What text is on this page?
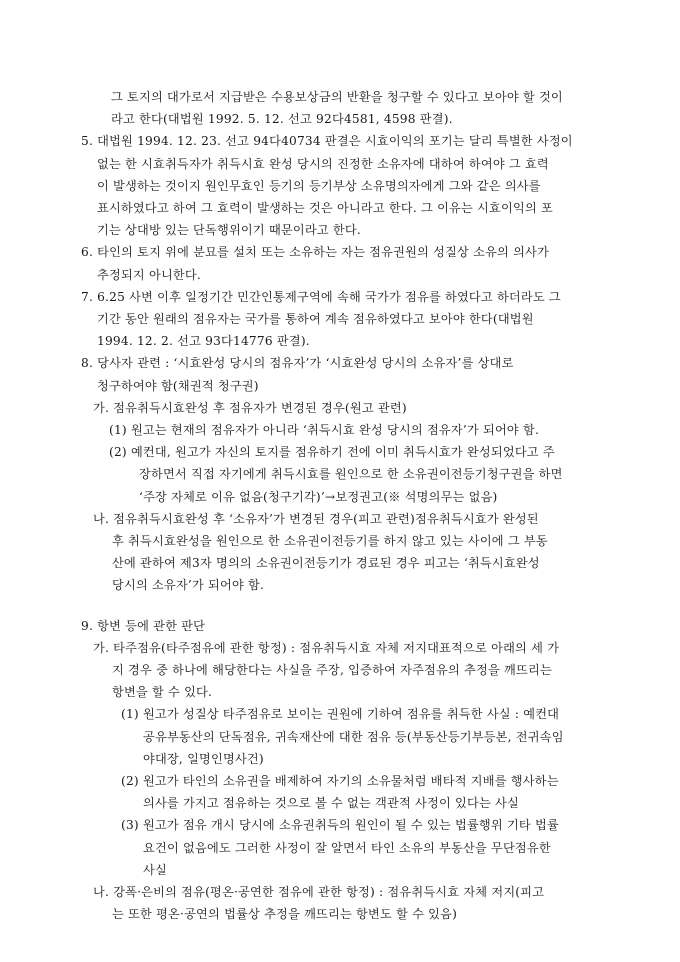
그 토지의 대가로서 지급받은 수용보상금의 반환을 청구할 수 있다고 보아야 할 것이
라고 한다(대법원 1992. 5. 12. 선고 92다4581, 4598 판결).
5. 대법원 1994. 12. 23. 선고 94다40734 판결은 시효이익의 포기는 달리 특별한 사정이
없는 한 시효취득자가 취득시효 완성 당시의 진정한 소유자에 대하여 하여야 그 효력
이 발생하는 것이지 원인무효인 등기의 등기부상 소유명의자에게 그와 같은 의사를
표시하였다고 하여 그 효력이 발생하는 것은 아니라고 한다. 그 이유는 시효이익의 포
기는 상대방 있는 단독행위이기 때문이라고 한다.
6. 타인의 토지 위에 분묘를 설치 또는 소유하는 자는 점유권원의 성질상 소유의 의사가
추정되지 아니한다.
7. 6.25 사변 이후 일정기간 민간인통제구역에 속해 국가가 점유를 하였다고 하더라도 그
기간 동안 원래의 점유자는 국가를 통하여 계속 점유하였다고 보아야 한다(대법원
1994. 12. 2. 선고 93다14776 판결).
8. 당사자 관련 : ‘시효완성 당시의 점유자’가 ‘시효완성 당시의 소유자’를 상대로
청구하여야 함(채권적 청구권)
가. 점유취득시효완성 후 점유자가 변경된 경우(원고 관련)
(1) 원고는 현재의 점유자가 아니라 ‘취득시효 완성 당시의 점유자’가 되어야 함.
(2) 예컨대, 원고가 자신의 토지를 점유하기 전에 이미 취득시효가 완성되었다고 주
장하면서 직접 자기에게 취득시효를 원인으로 한 소유권이전등기청구권을 하면
‘주장 자체로 이유 없음(청구기각)’→보정권고(※ 석명의무는 없음)
나. 점유취득시효완성 후 ‘소유자’가 변경된 경우(피고 관련)점유취득시효가 완성된
후 취득시효완성을 원인으로 한 소유권이전등기를 하지 않고 있는 사이에 그 부동
산에 관하여 제3자 명의의 소유권이전등기가 경료된 경우 피고는 ‘취득시효완성
당시의 소유자’가 되어야 함.
9. 항변 등에 관한 판단
가. 타주점유(타주점유에 관한 항정) : 점유취득시효 자체 저지대표적으로 아래의 세 가
지 경우 중 하나에 해당한다는 사실을 주장, 입증하여 자주점유의 추정을 깨뜨리는
항변을 할 수 있다.
(1) 원고가 성질상 타주점유로 보이는 권원에 기하여 점유를 취득한 사실 : 예컨대
공유부동산의 단독점유, 귀속재산에 대한 점유 등(부동산등기부등본, 전귀속임
야대장, 일명인명사건)
(2) 원고가 타인의 소유권을 배제하여 자기의 소유물처럼 배타적 지배를 행사하는
의사를 가지고 점유하는 것으로 볼 수 없는 객관적 사정이 있다는 사실
(3) 원고가 점유 개시 당시에 소유권취득의 원인이 될 수 있는 법률행위 기타 법률
요건이 없음에도 그러한 사정이 잘 알면서 타인 소유의 부동산을 무단점유한
사실
나. 강폭·은비의 점유(평온·공연한 점유에 관한 항정) : 점유취득시효 자체 저지(피고
는 또한 평온·공연의 법률상 추정을 깨뜨리는 항변도 할 수 있음)
